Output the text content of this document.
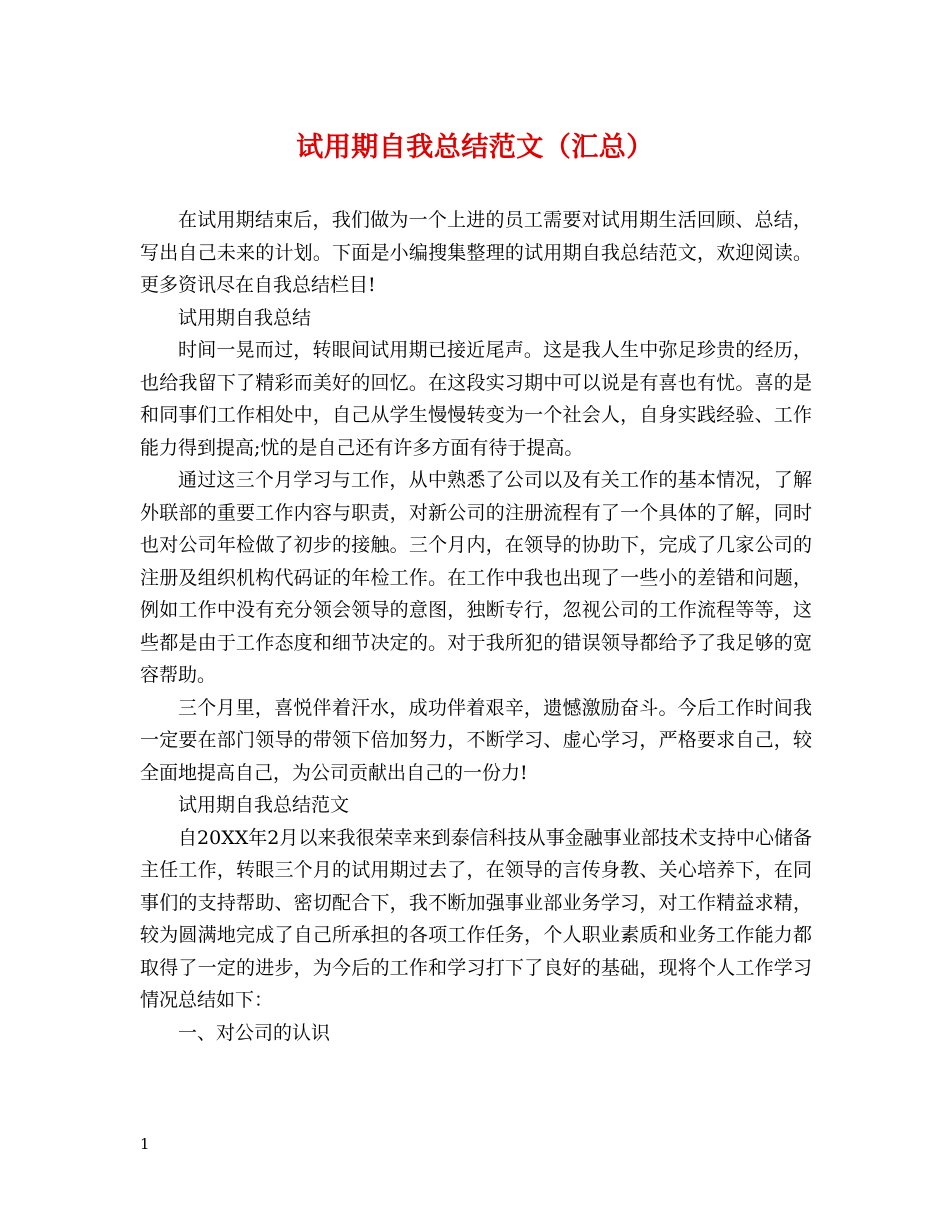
试用期自我总结范文（汇总）

在试用期结束后，我们做为一个上进的员工需要对试用期生活回顾、总结，写出自己未来的计划。下面是小编搜集整理的试用期自我总结范文，欢迎阅读。更多资讯尽在自我总结栏目!

试用期自我总结

时间一晃而过，转眼间试用期已接近尾声。这是我人生中弥足珍贵的经历，也给我留下了精彩而美好的回忆。在这段实习期中可以说是有喜也有忧。喜的是和同事们工作相处中，自己从学生慢慢转变为一个社会人，自身实践经验、工作能力得到提高;忧的是自己还有许多方面有待于提高。

通过这三个月学习与工作，从中熟悉了公司以及有关工作的基本情况，了解外联部的重要工作内容与职责，对新公司的注册流程有了一个具体的了解，同时也对公司年检做了初步的接触。三个月内，在领导的协助下，完成了几家公司的注册及组织机构代码证的年检工作。在工作中我也出现了一些小的差错和问题，例如工作中没有充分领会领导的意图，独断专行，忽视公司的工作流程等等，这些都是由于工作态度和细节决定的。对于我所犯的错误领导都给予了我足够的宽容帮助。

三个月里，喜悦伴着汗水，成功伴着艰辛，遗憾激励奋斗。今后工作时间我一定要在部门领导的带领下倍加努力，不断学习、虚心学习，严格要求自己，较全面地提高自己，为公司贡献出自己的一份力!

试用期自我总结范文

自20XX年2月以来我很荣幸来到泰信科技从事金融事业部技术支持中心储备主任工作，转眼三个月的试用期过去了，在领导的言传身教、关心培养下，在同事们的支持帮助、密切配合下，我不断加强事业部业务学习，对工作精益求精，较为圆满地完成了自己所承担的各项工作任务，个人职业素质和业务工作能力都取得了一定的进步，为今后的工作和学习打下了良好的基础，现将个人工作学习情况总结如下：

一、对公司的认识

1
